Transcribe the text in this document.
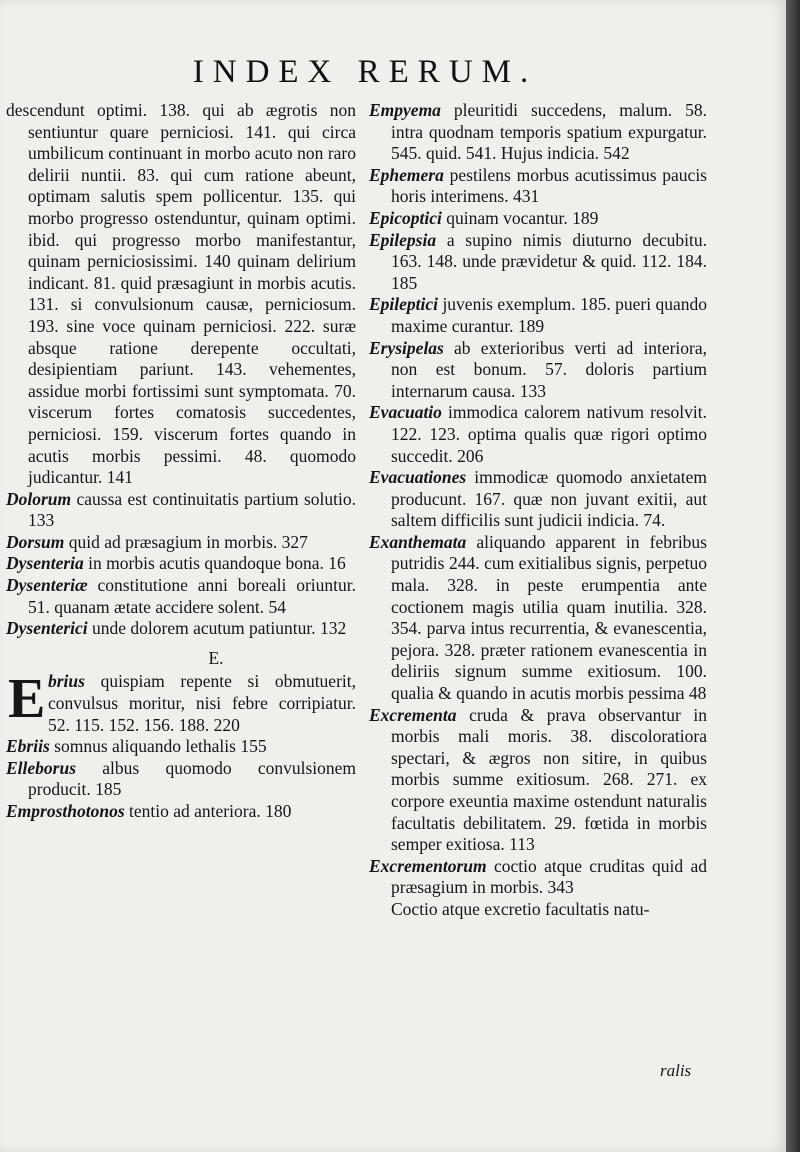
INDEX RERUM.

descendunt optimi. 138. qui ab ægrotis non sentiuntur quare perniciosi. 141. qui circa umbilicum continuant in morbo acuto non raro delirii nuntii. 83. qui cum ratione abeunt, optimam salutis spem pollicentur. 135. qui morbo progresso ostenduntur, quinam optimi. ibid. qui progresso morbo manifestantur, quinam perniciosissimi. 140 quinam delirium indicant. 81. quid præsagiunt in morbis acutis. 131. si convulsionum causæ, perniciosum. 193. sine voce quinam perniciosi. 222. suræ absque ratione derepente occultati, desipientiam pariunt. 143. vehementes, assidue morbi fortissimi sunt symptomata. 70. viscerum fortes comatosis succedentes, perniciosi. 159. viscerum fortes quando in acutis morbis pessimi. 48. quomodo judicantur. 141

Dolorum caussa est continuitatis partium solutio. 133

Dorsum quid ad præsagium in morbis. 327

Dysenteria in morbis acutis quandoque bona. 16

Dysenteriæ constitutione anni boreali oriuntur. 51. quanam ætate accidere solent. 54

Dysenterici unde dolorem acutum patiuntur. 132

E.

E brius quispiam repente si obmutuerit, convulsus moritur, nisi febre corripiatur. 52. 115. 152. 156. 188. 220

Ebriis somnus aliquando lethalis 155

Elleborus albus quomodo convulsionem producit. 185

Emprosthotonos tentio ad anteriora. 180

Empyema pleuritidi succedens, malum. 58. intra quodnam temporis spatium expurgatur. 545. quid. 541. Hujus indicia. 542

Ephemera pestilens morbus acutissimus paucis horis interimens. 431

Epicoptici quinam vocantur. 189

Epilepsia a supino nimis diuturno decubitu. 163. 148. unde prævidetur & quid. 112. 184. 185

Epileptici juvenis exemplum. 185. pueri quando maxime curantur. 189

Erysipelas ab exterioribus verti ad interiora, non est bonum. 57. doloris partium internarum causa. 133

Evacuatio immodica calorem nativum resolvit. 122. 123. optima qualis quæ rigori optimo succedit. 206

Evacuationes immodicæ quomodo anxietatem producunt. 167. quæ non juvant exitii, aut saltem difficilis sunt judicii indicia. 74.

Exanthemata aliquando apparent in febribus putridis 244. cum exitialibus signis, perpetuo mala. 328. in peste erumpentia ante coctionem magis utilia quam inutilia. 328. 354. parva intus recurrentia, & evanescentia, pejora. 328. præter rationem evanescentia in deliriis signum summe exitiosum. 100. qualia & quando in acutis morbis pessima 48

Excrementa cruda & prava observantur in morbis mali moris. 38. discoloratiora spectari, & ægros non sitire, in quibus morbis summe exitiosum. 268. 271. ex corpore exeuntia maxime ostendunt naturalis facultatis debilitatem. 29. fœtida in morbis semper exitiosa. 113

Excrementorum coctio atque cruditas quid ad præsagium in morbis. 343

Coctio atque excretio facultatis natu-

ralis
